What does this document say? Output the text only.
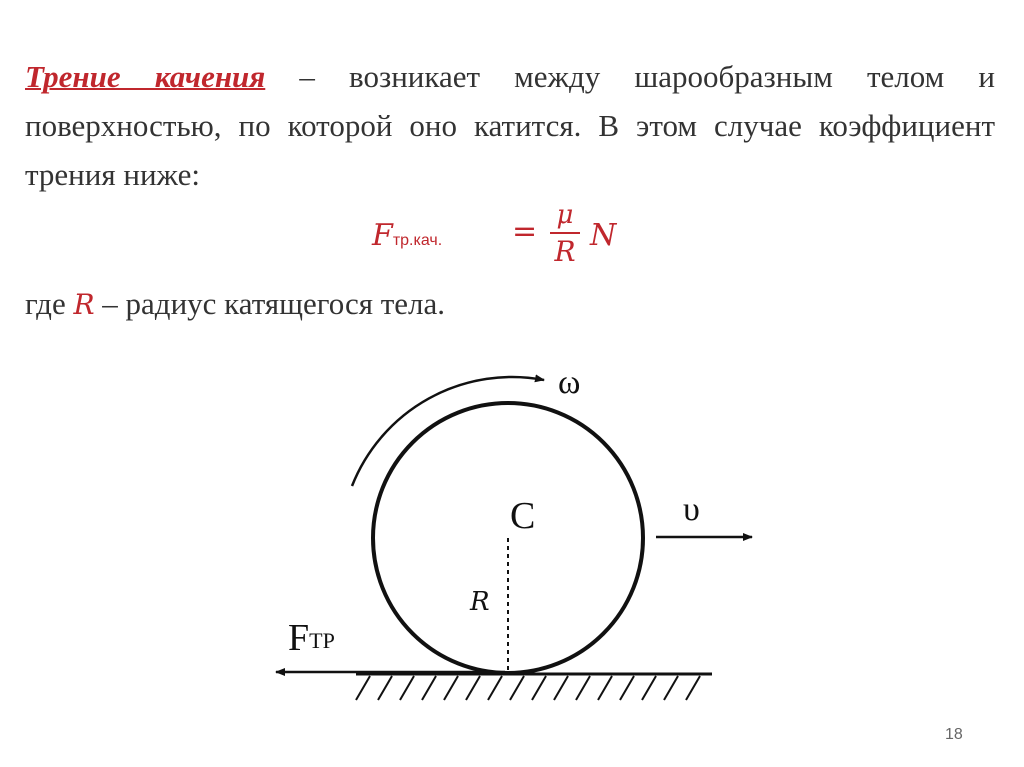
Трение качения – возникает между шарообразным телом и поверхностью, по которой оно катится. В этом случае коэффициент трения ниже:
Fтр.кач. = μ
R N
где R – радиус катящегося тела.
ω
C
R
υ
FТР
18
